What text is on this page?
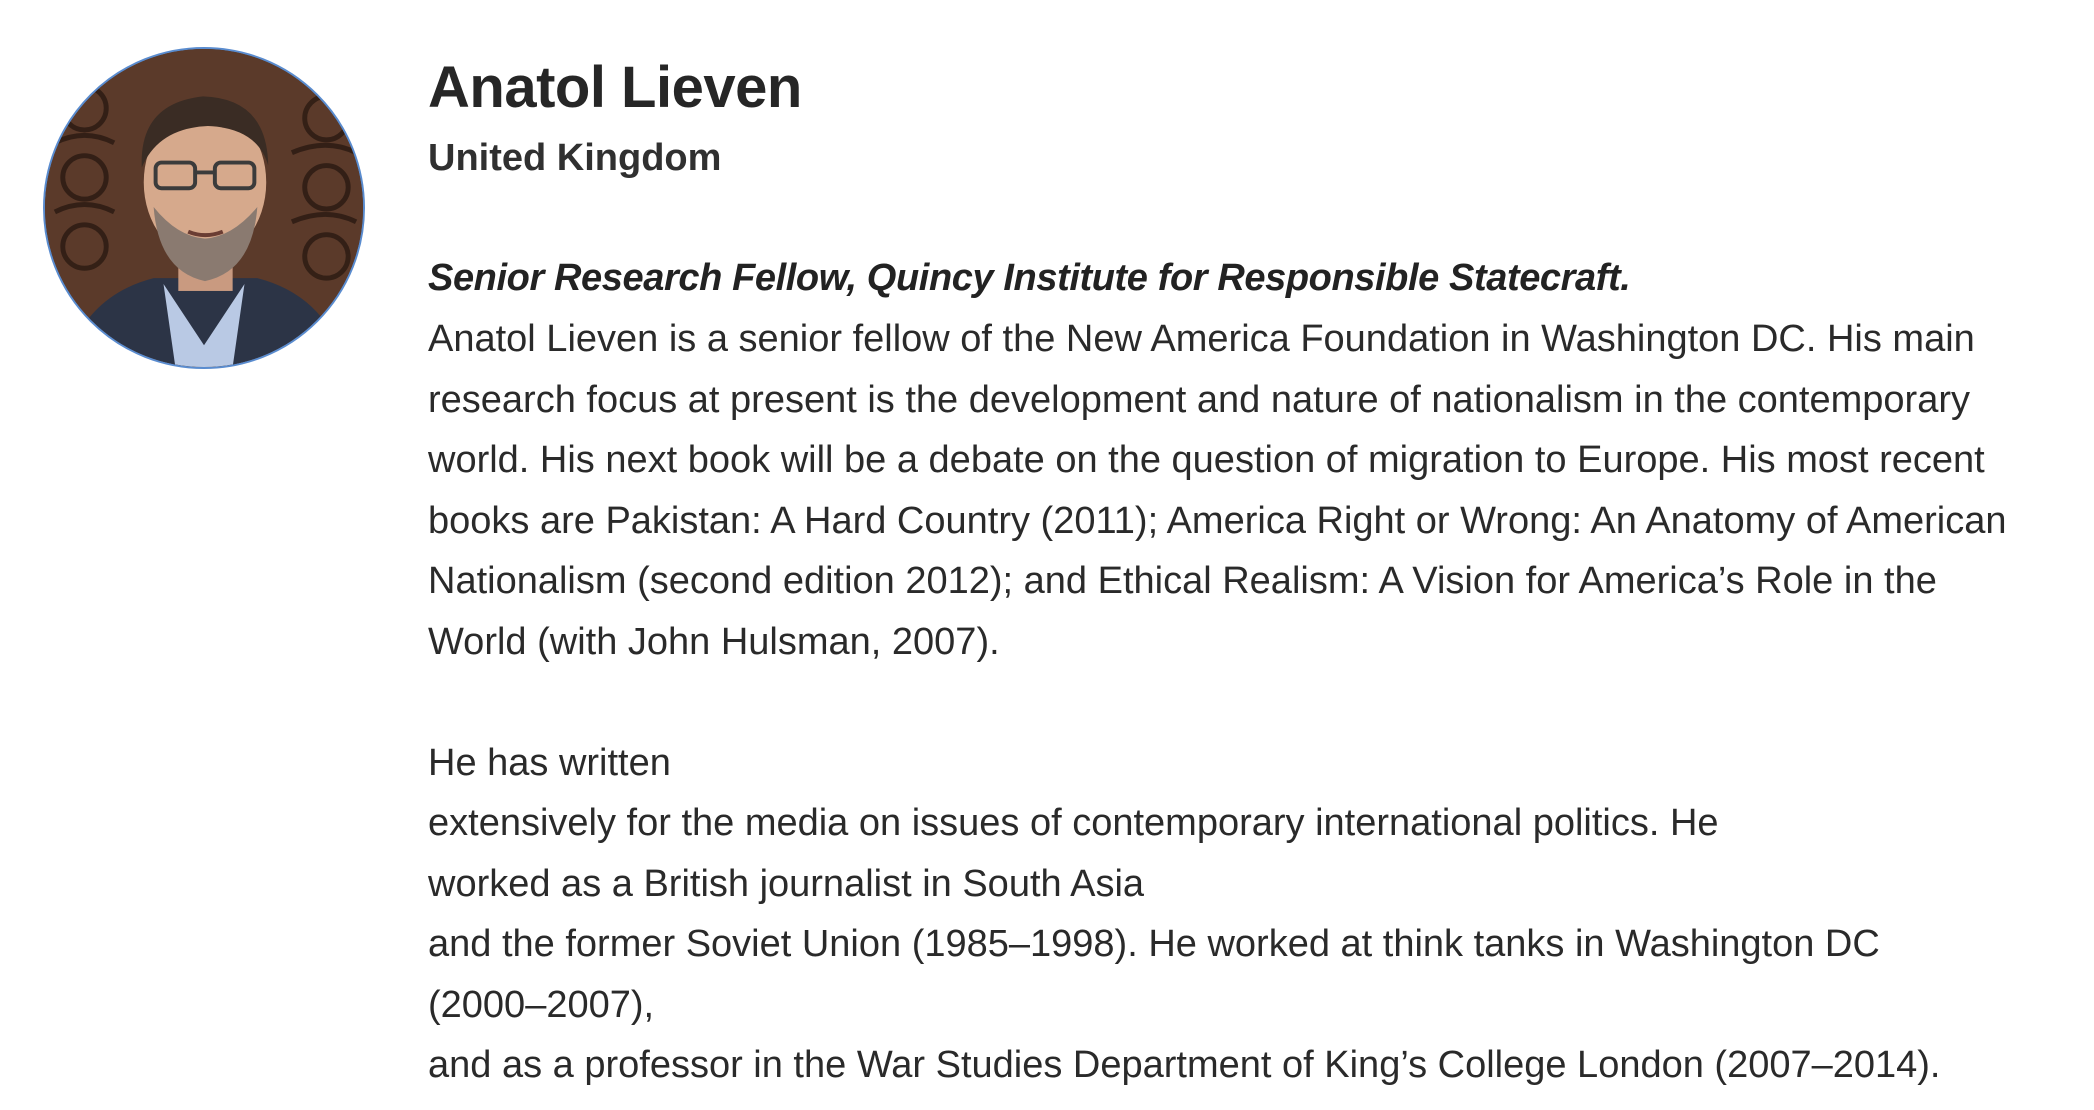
Anatol Lieven
United Kingdom
Senior Research Fellow, Quincy Institute for Responsible Statecraft.

Anatol Lieven is a senior fellow of the New America Foundation in Washington DC. His main

research focus at present is the development and nature of nationalism in the contemporary

world. His next book will be a debate on the question of migration to Europe. His most recent

books are Pakistan: A Hard Country (2011); America Right or Wrong: An Anatomy of American

Nationalism (second edition 2012); and Ethical Realism: A Vision for America’s Role in the

World (with John Hulsman, 2007).

He has written

extensively for the media on issues of contemporary international politics. He

worked as a British journalist in South Asia

and the former Soviet Union (1985–1998). He worked at think tanks in Washington DC

(2000–2007),

and as a professor in the War Studies Department of King’s College London (2007–2014).
